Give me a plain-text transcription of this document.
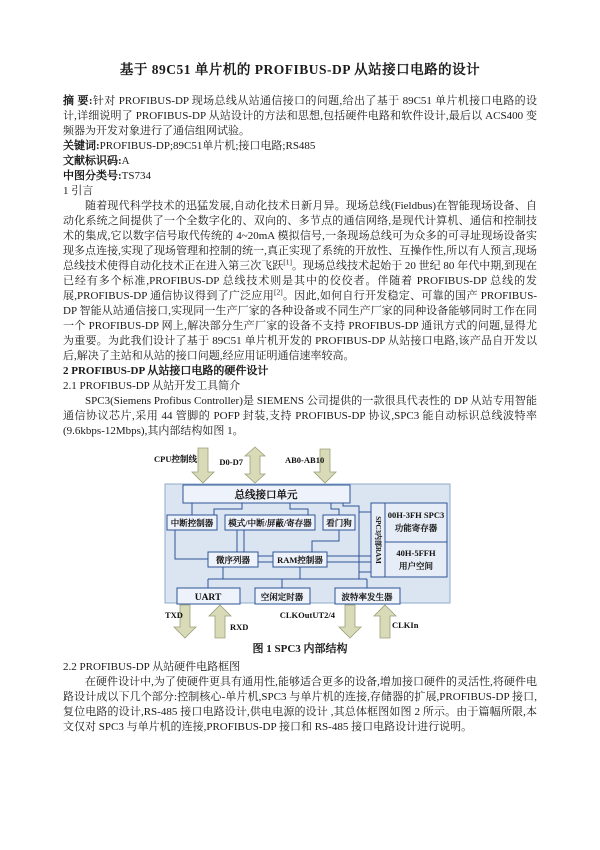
基于 89C51 单片机的 PROFIBUS-DP 从站接口电路的设计

摘 要:针对 PROFIBUS-DP 现场总线从站通信接口的问题,给出了基于 89C51 单片机接口电路的设计,详细说明了 PROFIBUS-DP 从站设计的方法和思想,包括硬件电路和软件设计,最后以 ACS400 变频器为开发对象进行了通信组网试验。

关键词:PROFIBUS-DP;89C51单片机;接口电路;RS485

文献标识码:A

中图分类号:TS734

1 引言

随着现代科学技术的迅猛发展,自动化技术日新月异。现场总线(Fieldbus)在智能现场设备、自动化系统之间提供了一个全数字化的、双向的、多节点的通信网络,是现代计算机、通信和控制技术的集成,它以数字信号取代传统的 4~20mA 模拟信号,一条现场总线可为众多的可寻址现场设备实现多点连接,实现了现场管理和控制的统一,真正实现了系统的开放性、互操作性,所以有人预言,现场总线技术使得自动化技术正在进入第三次飞跃[1]。现场总线技术起始于 20 世纪 80 年代中期,到现在已经有多个标准,PROFIBUS-DP 总线技术则是其中的佼佼者。伴随着 PROFIBUS-DP 总线的发展,PROFIBUS-DP 通信协议得到了广泛应用[2]。因此,如何自行开发稳定、可靠的国产 PROFIBUS-DP 智能从站通信接口,实现同一生产厂家的各种设备或不同生产厂家的同种设备能够同时工作在同一个 PROFIBUS-DP 网上,解决部分生产厂家的设备不支持 PROFIBUS-DP 通讯方式的问题,显得尤为重要。为此我们设计了基于 89C51 单片机开发的 PROFIBUS-DP 从站接口电路,该产品自开发以后,解决了主站和从站的接口问题,经应用证明通信速率较高。

2 PROFIBUS-DP 从站接口电路的硬件设计

2.1 PROFIBUS-DP 从站开发工具简介

SPC3(Siemens Profibus Controller)是 SIEMENS 公司提供的一款很具代表性的 DP 从站专用智能通信协议芯片,采用 44 管脚的 POFP 封装,支持 PROFIBUS-DP 协议,SPC3 能自动标识总线波特率(9.6kbps-12Mbps),其内部结构如图 1。

CPU控制线	D0-D7	AB0-AB10
总线接口单元
中断控制器 模式/中断/屏蔽/寄存器 看门狗
微序列器	RAM控制器
UART	空闲定时器	波特率发生器
SPC3内部RAM
00H-3FH SPC3
功能寄存器
40H-5FFH
用户空间
TXD
RXD
CLKOutUT2/4
CLKIn
图 1 SPC3 内部结构

2.2 PROFIBUS-DP 从站硬件电路框图

在硬件设计中,为了使硬件更具有通用性,能够适合更多的设备,增加接口硬件的灵活性,将硬件电路设计成以下几个部分:控制核心-单片机,SPC3 与单片机的连接,存储器的扩展,PROFIBUS-DP 接口,复位电路的设计,RS-485 接口电路设计,供电电源的设计 ,其总体框图如图 2 所示。由于篇幅所限,本文仅对 SPC3 与单片机的连接,PROFIBUS-DP 接口和 RS-485 接口电路设计进行说明。
